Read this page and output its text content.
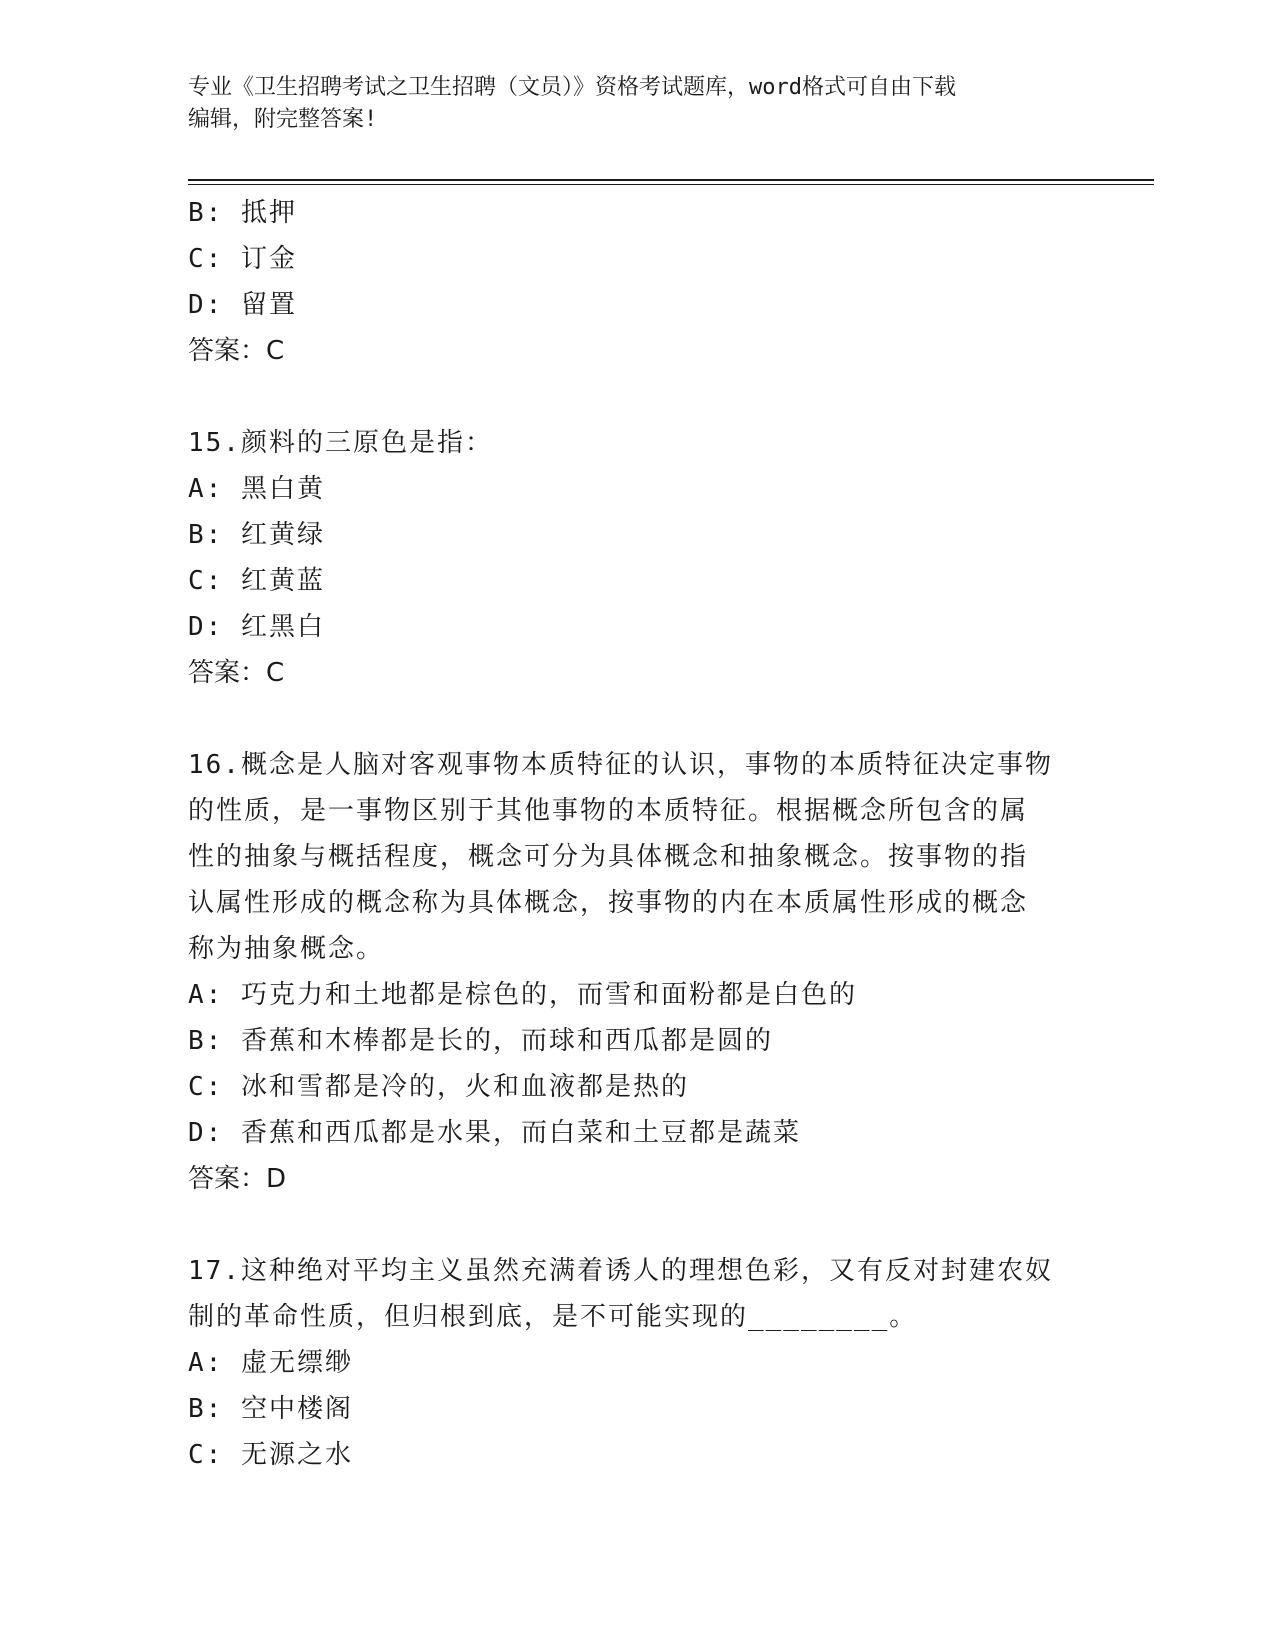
专业《卫生招聘考试之卫生招聘（文员）》资格考试题库，word格式可自由下载
编辑，附完整答案!
B: 抵押
C: 订金
D: 留置
答案：C
15.颜料的三原色是指：
A: 黑白黄
B: 红黄绿
C: 红黄蓝
D: 红黑白
答案：C
16.概念是人脑对客观事物本质特征的认识，事物的本质特征决定事物
的性质，是一事物区别于其他事物的本质特征。根据概念所包含的属
性的抽象与概括程度，概念可分为具体概念和抽象概念。按事物的指
认属性形成的概念称为具体概念，按事物的内在本质属性形成的概念
称为抽象概念。
A: 巧克力和土地都是棕色的，而雪和面粉都是白色的
B: 香蕉和木棒都是长的，而球和西瓜都是圆的
C: 冰和雪都是冷的，火和血液都是热的
D: 香蕉和西瓜都是水果，而白菜和土豆都是蔬菜
答案：D
17.这种绝对平均主义虽然充满着诱人的理想色彩，又有反对封建农奴
制的革命性质，但归根到底，是不可能实现的________。
A: 虚无缥缈
B: 空中楼阁
C: 无源之水
